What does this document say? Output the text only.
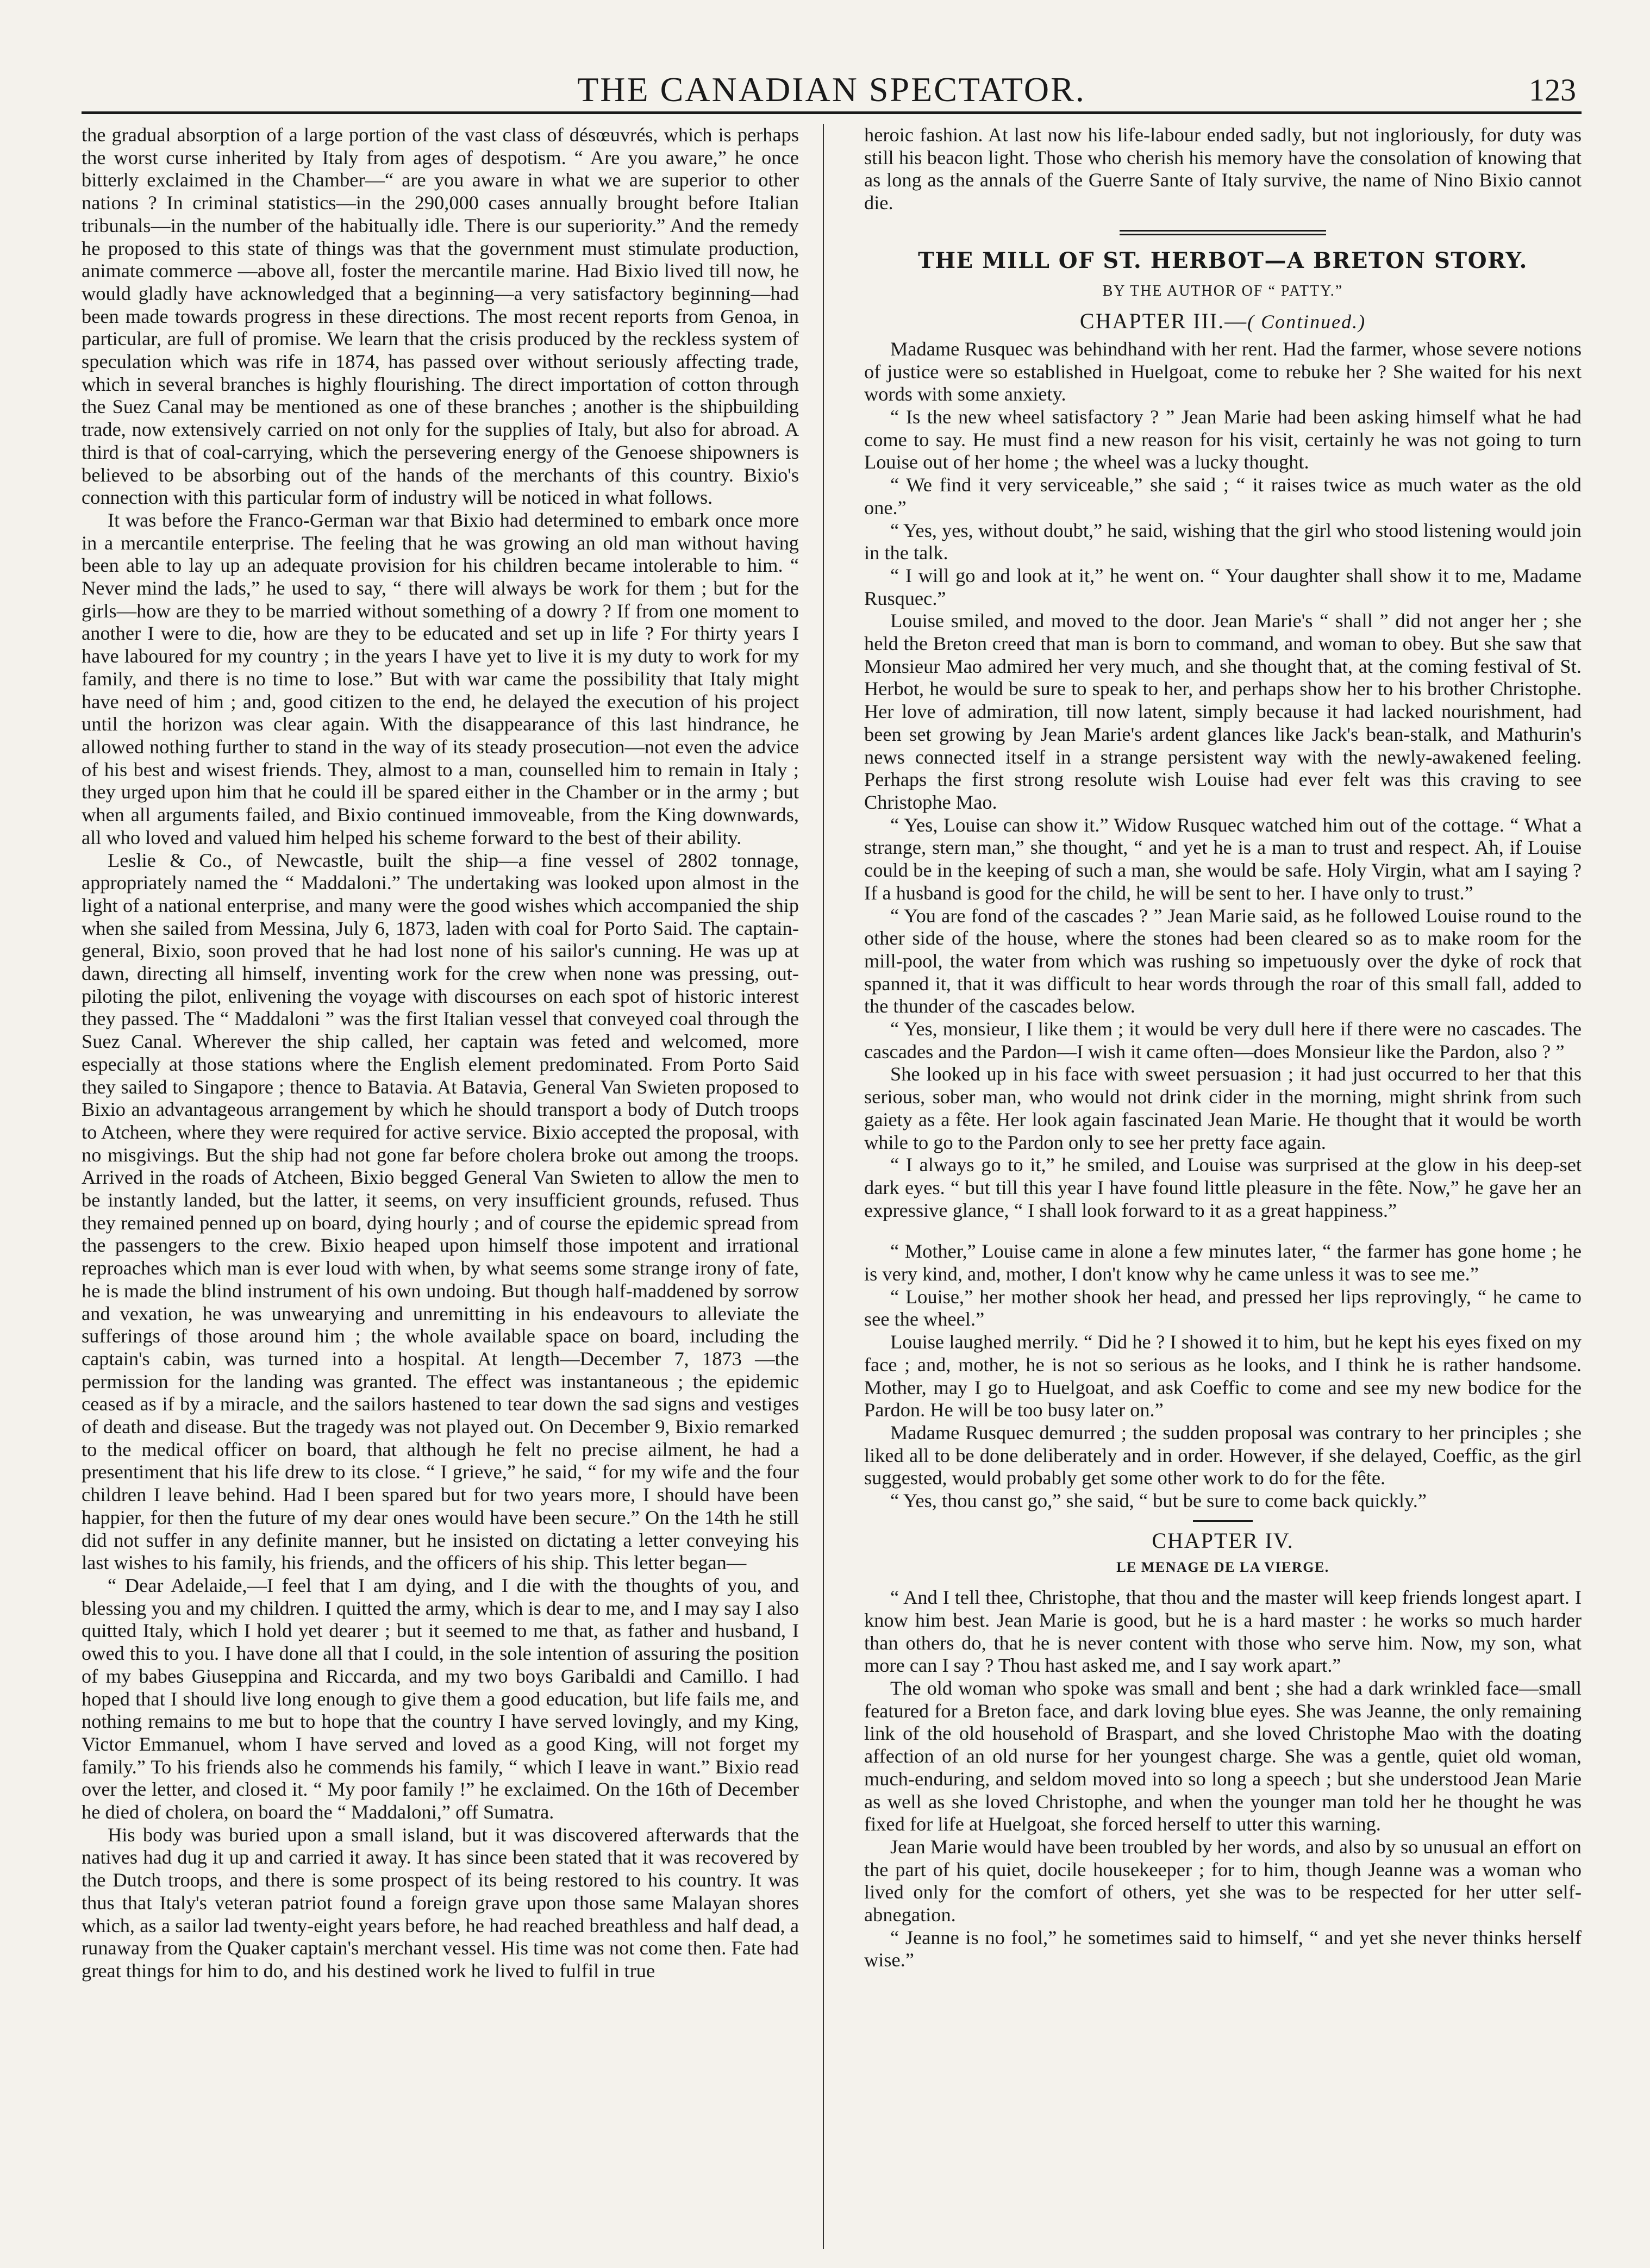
THE CANADIAN SPECTATOR.	123

the gradual absorption of a large portion of the vast class of désœuvrés, which is perhaps the worst curse inherited by Italy from ages of despotism. “ Are you aware,” he once bitterly exclaimed in the Chamber—“ are you aware in what we are superior to other nations ? In criminal statistics—in the 290,000 cases annually brought before Italian tribunals—in the number of the habitually idle. There is our superiority.” And the remedy he proposed to this state of things was that the government must stimulate production, animate commerce —above all, foster the mercantile marine. Had Bixio lived till now, he would gladly have acknowledged that a beginning—a very satisfactory beginning—had been made towards progress in these directions. The most recent reports from Genoa, in particular, are full of promise. We learn that the crisis produced by the reckless system of speculation which was rife in 1874, has passed over without seriously affecting trade, which in several branches is highly flourishing. The direct importation of cotton through the Suez Canal may be mentioned as one of these branches ; another is the shipbuilding trade, now extensively carried on not only for the supplies of Italy, but also for abroad. A third is that of coal-carrying, which the persevering energy of the Genoese shipowners is believed to be absorbing out of the hands of the merchants of this country. Bixio's connection with this particular form of industry will be noticed in what follows.

It was before the Franco-German war that Bixio had determined to embark once more in a mercantile enterprise. The feeling that he was growing an old man without having been able to lay up an adequate provision for his children became intolerable to him. “ Never mind the lads,” he used to say, “ there will always be work for them ; but for the girls—how are they to be married without something of a dowry ? If from one moment to another I were to die, how are they to be educated and set up in life ? For thirty years I have laboured for my country ; in the years I have yet to live it is my duty to work for my family, and there is no time to lose.” But with war came the possibility that Italy might have need of him ; and, good citizen to the end, he delayed the execution of his project until the horizon was clear again. With the disappearance of this last hindrance, he allowed nothing further to stand in the way of its steady prosecution—not even the advice of his best and wisest friends. They, almost to a man, counselled him to remain in Italy ; they urged upon him that he could ill be spared either in the Chamber or in the army ; but when all arguments failed, and Bixio continued immoveable, from the King downwards, all who loved and valued him helped his scheme forward to the best of their ability.

Leslie & Co., of Newcastle, built the ship—a fine vessel of 2802 tonnage, appropriately named the “ Maddaloni.” The undertaking was looked upon almost in the light of a national enterprise, and many were the good wishes which accompanied the ship when she sailed from Messina, July 6, 1873, laden with coal for Porto Said. The captain-general, Bixio, soon proved that he had lost none of his sailor's cunning. He was up at dawn, directing all himself, inventing work for the crew when none was pressing, out-piloting the pilot, enlivening the voyage with discourses on each spot of historic interest they passed. The “ Maddaloni ” was the first Italian vessel that conveyed coal through the Suez Canal. Wherever the ship called, her captain was feted and welcomed, more especially at those stations where the English element predominated. From Porto Said they sailed to Singapore ; thence to Batavia. At Batavia, General Van Swieten proposed to Bixio an advantageous arrangement by which he should transport a body of Dutch troops to Atcheen, where they were required for active service. Bixio accepted the proposal, with no misgivings. But the ship had not gone far before cholera broke out among the troops. Arrived in the roads of Atcheen, Bixio begged General Van Swieten to allow the men to be instantly landed, but the latter, it seems, on very insufficient grounds, refused. Thus they remained penned up on board, dying hourly ; and of course the epidemic spread from the passengers to the crew. Bixio heaped upon himself those impotent and irrational reproaches which man is ever loud with when, by what seems some strange irony of fate, he is made the blind instrument of his own undoing. But though half-maddened by sorrow and vexation, he was unwearying and unremitting in his endeavours to alleviate the sufferings of those around him ; the whole available space on board, including the captain's cabin, was turned into a hospital. At length—December 7, 1873 —the permission for the landing was granted. The effect was instantaneous ; the epidemic ceased as if by a miracle, and the sailors hastened to tear down the sad signs and vestiges of death and disease. But the tragedy was not played out. On December 9, Bixio remarked to the medical officer on board, that although he felt no precise ailment, he had a presentiment that his life drew to its close. “ I grieve,” he said, “ for my wife and the four children I leave behind. Had I been spared but for two years more, I should have been happier, for then the future of my dear ones would have been secure.” On the 14th he still did not suffer in any definite manner, but he insisted on dictating a letter conveying his last wishes to his family, his friends, and the officers of his ship. This letter began—

“ Dear Adelaide,—I feel that I am dying, and I die with the thoughts of you, and blessing you and my children. I quitted the army, which is dear to me, and I may say I also quitted Italy, which I hold yet dearer ; but it seemed to me that, as father and husband, I owed this to you. I have done all that I could, in the sole intention of assuring the position of my babes Giuseppina and Riccarda, and my two boys Garibaldi and Camillo. I had hoped that I should live long enough to give them a good education, but life fails me, and nothing remains to me but to hope that the country I have served lovingly, and my King, Victor Emmanuel, whom I have served and loved as a good King, will not forget my family.” To his friends also he commends his family, “ which I leave in want.” Bixio read over the letter, and closed it. “ My poor family !” he exclaimed. On the 16th of December he died of cholera, on board the “ Maddaloni,” off Sumatra.

His body was buried upon a small island, but it was discovered afterwards that the natives had dug it up and carried it away. It has since been stated that it was recovered by the Dutch troops, and there is some prospect of its being restored to his country. It was thus that Italy's veteran patriot found a foreign grave upon those same Malayan shores which, as a sailor lad twenty-eight years before, he had reached breathless and half dead, a runaway from the Quaker captain's merchant vessel. His time was not come then. Fate had great things for him to do, and his destined work he lived to fulfil in true

heroic fashion. At last now his life-labour ended sadly, but not ingloriously, for duty was still his beacon light. Those who cherish his memory have the consolation of knowing that as long as the annals of the Guerre Sante of Italy survive, the name of Nino Bixio cannot die.

THE MILL OF ST. HERBOT—A BRETON STORY.
BY THE AUTHOR OF “ PATTY.”
CHAPTER III.—( Continued.)

Madame Rusquec was behindhand with her rent. Had the farmer, whose severe notions of justice were so established in Huelgoat, come to rebuke her ? She waited for his next words with some anxiety.

“ Is the new wheel satisfactory ? ” Jean Marie had been asking himself what he had come to say. He must find a new reason for his visit, certainly he was not going to turn Louise out of her home ; the wheel was a lucky thought.

“ We find it very serviceable,” she said ; “ it raises twice as much water as the old one.”

“ Yes, yes, without doubt,” he said, wishing that the girl who stood listening would join in the talk.

“ I will go and look at it,” he went on. “ Your daughter shall show it to me, Madame Rusquec.”

Louise smiled, and moved to the door. Jean Marie's “ shall ” did not anger her ; she held the Breton creed that man is born to command, and woman to obey. But she saw that Monsieur Mao admired her very much, and she thought that, at the coming festival of St. Herbot, he would be sure to speak to her, and perhaps show her to his brother Christophe. Her love of admiration, till now latent, simply because it had lacked nourishment, had been set growing by Jean Marie's ardent glances like Jack's bean-stalk, and Mathurin's news connected itself in a strange persistent way with the newly-awakened feeling. Perhaps the first strong resolute wish Louise had ever felt was this craving to see Christophe Mao.

“ Yes, Louise can show it.” Widow Rusquec watched him out of the cottage. “ What a strange, stern man,” she thought, “ and yet he is a man to trust and respect. Ah, if Louise could be in the keeping of such a man, she would be safe. Holy Virgin, what am I saying ? If a husband is good for the child, he will be sent to her. I have only to trust.”

“ You are fond of the cascades ? ” Jean Marie said, as he followed Louise round to the other side of the house, where the stones had been cleared so as to make room for the mill-pool, the water from which was rushing so impetuously over the dyke of rock that spanned it, that it was difficult to hear words through the roar of this small fall, added to the thunder of the cascades below.

“ Yes, monsieur, I like them ; it would be very dull here if there were no cascades. The cascades and the Pardon—I wish it came often—does Monsieur like the Pardon, also ? ”

She looked up in his face with sweet persuasion ; it had just occurred to her that this serious, sober man, who would not drink cider in the morning, might shrink from such gaiety as a fête. Her look again fascinated Jean Marie. He thought that it would be worth while to go to the Pardon only to see her pretty face again.

“ I always go to it,” he smiled, and Louise was surprised at the glow in his deep-set dark eyes. “ but till this year I have found little pleasure in the fête. Now,” he gave her an expressive glance, “ I shall look forward to it as a great happiness.”

“ Mother,” Louise came in alone a few minutes later, “ the farmer has gone home ; he is very kind, and, mother, I don't know why he came unless it was to see me.”

“ Louise,” her mother shook her head, and pressed her lips reprovingly, “ he came to see the wheel.”

Louise laughed merrily. “ Did he ? I showed it to him, but he kept his eyes fixed on my face ; and, mother, he is not so serious as he looks, and I think he is rather handsome. Mother, may I go to Huelgoat, and ask Coeffic to come and see my new bodice for the Pardon. He will be too busy later on.”

Madame Rusquec demurred ; the sudden proposal was contrary to her principles ; she liked all to be done deliberately and in order. However, if she delayed, Coeffic, as the girl suggested, would probably get some other work to do for the fête.

“ Yes, thou canst go,” she said, “ but be sure to come back quickly.”

CHAPTER IV.
LE MENAGE DE LA VIERGE.

“ And I tell thee, Christophe, that thou and the master will keep friends longest apart. I know him best. Jean Marie is good, but he is a hard master : he works so much harder than others do, that he is never content with those who serve him. Now, my son, what more can I say ? Thou hast asked me, and I say work apart.”

The old woman who spoke was small and bent ; she had a dark wrinkled face—small featured for a Breton face, and dark loving blue eyes. She was Jeanne, the only remaining link of the old household of Braspart, and she loved Christophe Mao with the doating affection of an old nurse for her youngest charge. She was a gentle, quiet old woman, much-enduring, and seldom moved into so long a speech ; but she understood Jean Marie as well as she loved Christophe, and when the younger man told her he thought he was fixed for life at Huelgoat, she forced herself to utter this warning.

Jean Marie would have been troubled by her words, and also by so unusual an effort on the part of his quiet, docile housekeeper ; for to him, though Jeanne was a woman who lived only for the comfort of others, yet she was to be respected for her utter self-abnegation.

“ Jeanne is no fool,” he sometimes said to himself, “ and yet she never thinks herself wise.”
